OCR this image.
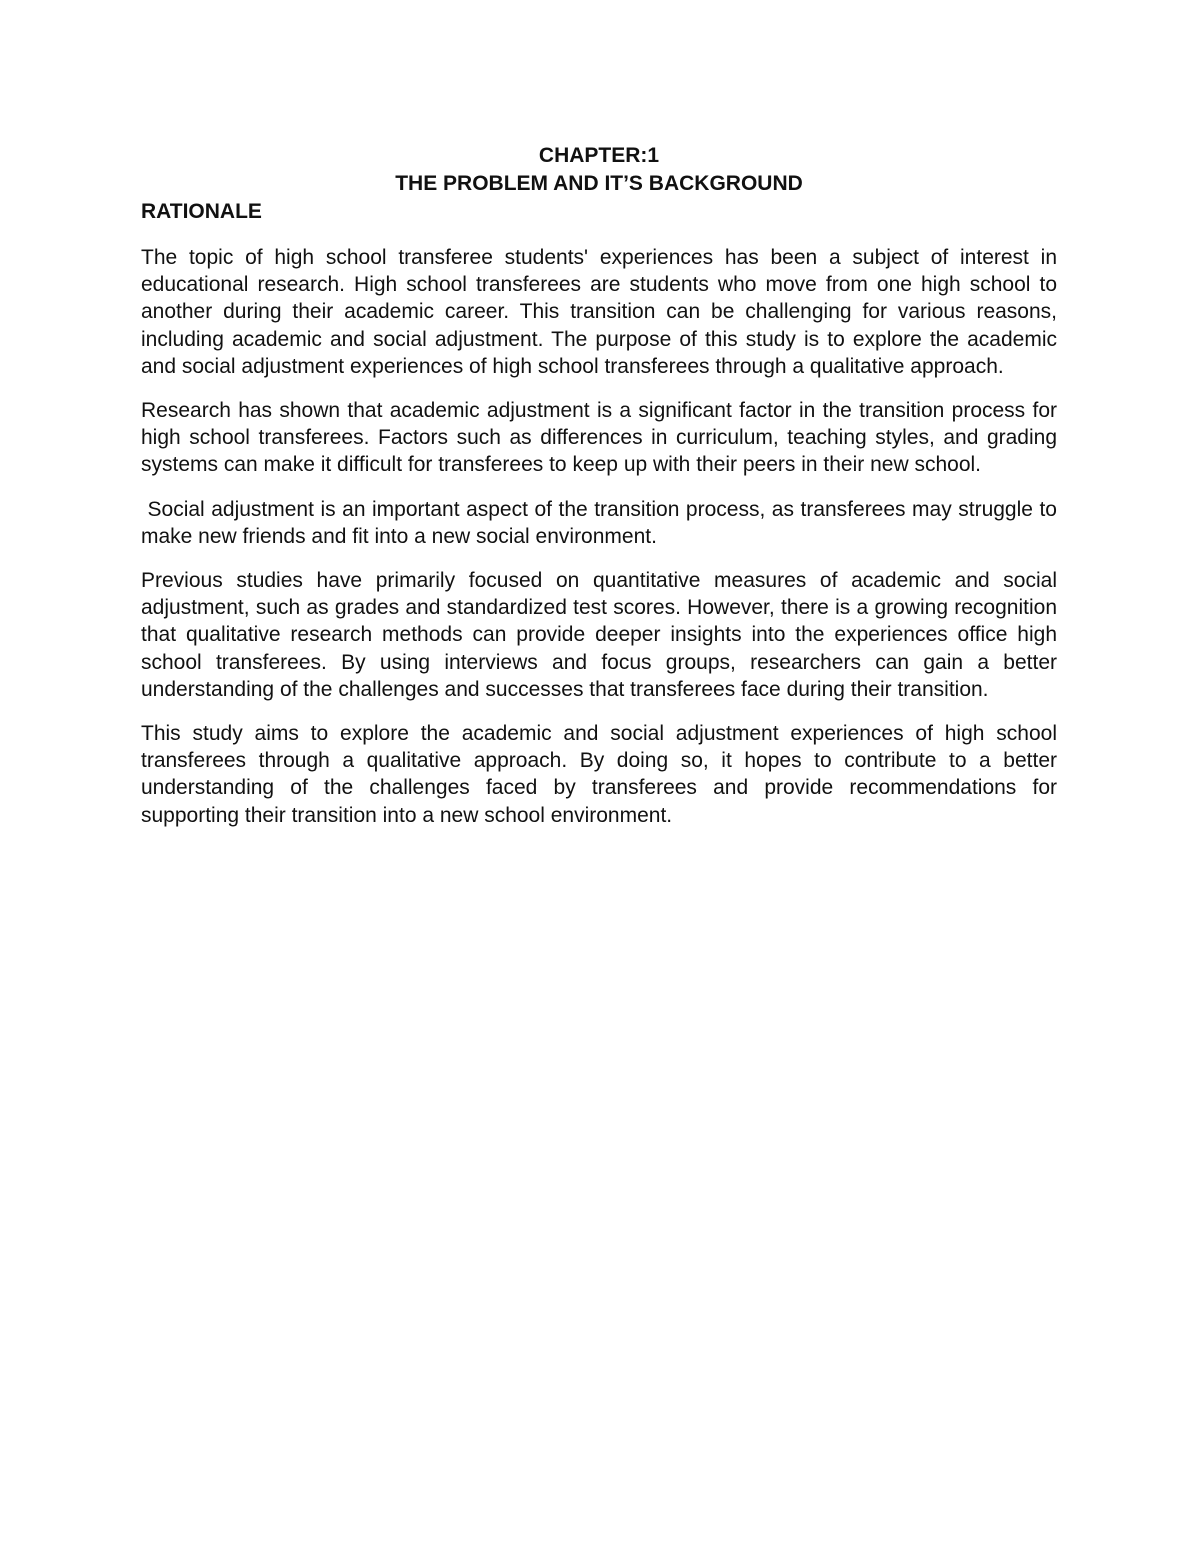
CHAPTER:1
THE PROBLEM AND IT’S BACKGROUND
RATIONALE

The topic of high school transferee students' experiences has been a subject of interest in educational research. High school transferees are students who move from one high school to another during their academic career. This transition can be challenging for various reasons, including academic and social adjustment. The purpose of this study is to explore the academic and social adjustment experiences of high school transferees through a qualitative approach.

Research has shown that academic adjustment is a significant factor in the transition process for high school transferees. Factors such as differences in curriculum, teaching styles, and grading systems can make it difficult for transferees to keep up with their peers in their new school.

Social adjustment is an important aspect of the transition process, as transferees may struggle to make new friends and fit into a new social environment.

Previous studies have primarily focused on quantitative measures of academic and social adjustment, such as grades and standardized test scores. However, there is a growing recognition that qualitative research methods can provide deeper insights into the experiences office high school transferees. By using interviews and focus groups, researchers can gain a better understanding of the challenges and successes that transferees face during their transition.

This study aims to explore the academic and social adjustment experiences of high school transferees through a qualitative approach. By doing so, it hopes to contribute to a better understanding of the challenges faced by transferees and provide recommendations for supporting their transition into a new school environment.
